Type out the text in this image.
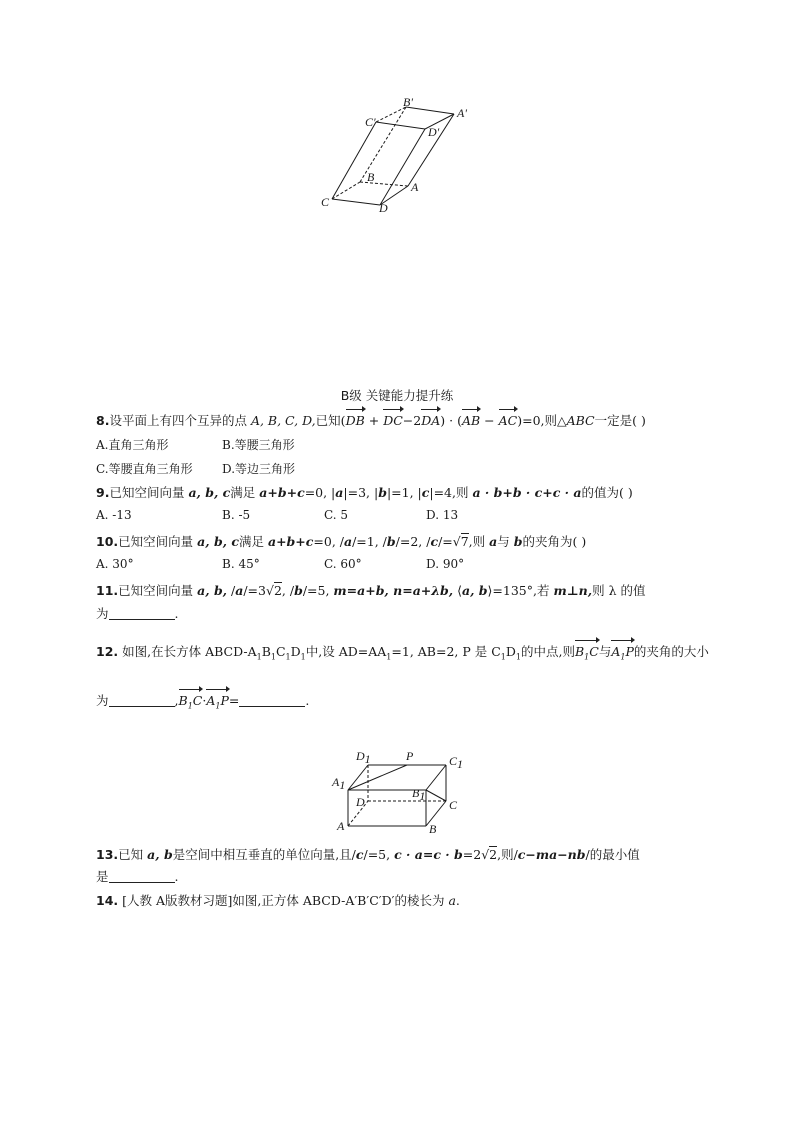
B'
A'
C'
D'
B
A
C	D
B级 关键能力提升练
8.设平面上有四个互异的点 A, B, C, D,已知(DB + DC−2DA) · (AB − AC)=0,则△ABC一定是( )
A.直角三角形	B.等腰三角形
C.等腰直角三角形 D.等边三角形
9.已知空间向量 a, b, c满足 a+b+c=0, |a|=3, |b|=1, |c|=4,则 a · b+b · c+c · a的值为( )
A. -13	B. -5	C. 5	D. 13
10.已知空间向量 a, b, c满足 a+b+c=0, /a/=1, /b/=2, /c/=√7,则 a与 b的夹角为( )
A. 30°	B. 45°	C. 60°	D. 90°
11.已知空间向量 a, b, /a/=3√2, /b/=5, m=a+b, n=a+λb, ⟨a, b⟩=135°,若 m⊥n,则 λ 的值
为	.
12. 如图,在长方体 ABCD-$A_1B_1C_1D_1$中,设 $AD=AA_1=1$, AB=2, P 是 $C_1D_1$的中点,则$B_1C$与$A_1P$的夹角的大小
为	$,B_1C\cdot A_1P=$	.
D1	P	C1
A1
B1
D	C
A	B
13.已知 a, b是空间中相互垂直的单位向量,且/c/=5, c · a=c · b=2√2,则/c−ma−nb/的最小值
是	.
14. [人教 A版教材习题]如图,正方体 ABCD-A′B′C′D′的棱长为 a.
